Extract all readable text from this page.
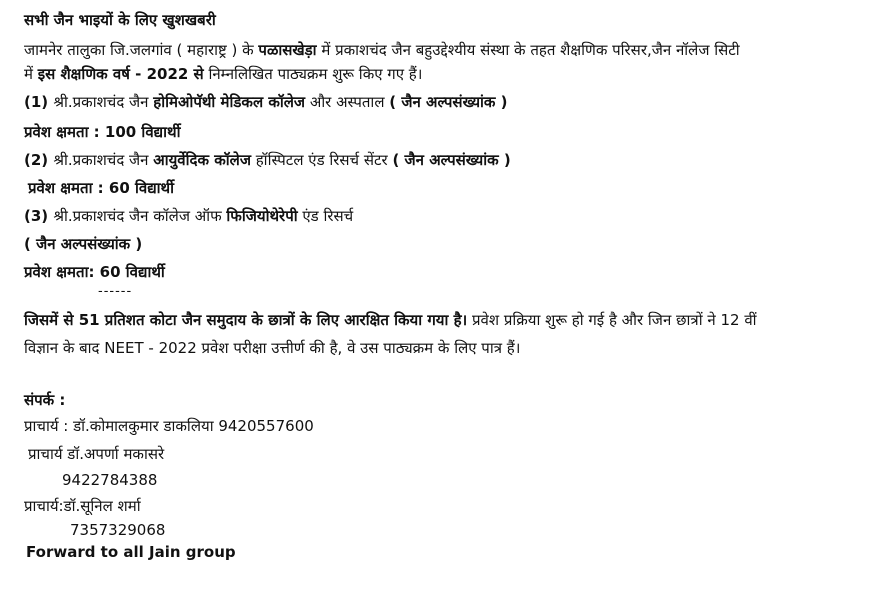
सभी जैन भाइयों के लिए खुशखबरी
जामनेर तालुका जि.जलगांव ( महाराष्ट्र ) के पळासखेड़ा में प्रकाशचंद जैन बहुउद्देश्यीय संस्था के तहत शैक्षणिक परिसर,जैन नॉलेज सिटी
में इस शैक्षणिक वर्ष - 2022 से निम्नलिखित पाठ्यक्रम शुरू किए गए हैं।
(1) श्री.प्रकाशचंद जैन होमिओपॅथी मेडिकल कॉलेज और अस्पताल ( जैन अल्पसंख्यांक )
प्रवेश क्षमता : 100 विद्यार्थी
(2) श्री.प्रकाशचंद जैन आयुर्वेदिक कॉलेज हॉस्पिटल एंड रिसर्च सेंटर ( जैन अल्पसंख्यांक )
प्रवेश क्षमता : 60 विद्यार्थी
(3) श्री.प्रकाशचंद जैन कॉलेज ऑफ फिजियोथेरेपी एंड रिसर्च
( जैन अल्पसंख्यांक )
प्रवेश क्षमता: 60 विद्यार्थी
------
जिसमें से 51 प्रतिशत कोटा जैन समुदाय के छात्रों के लिए आरक्षित किया गया है। प्रवेश प्रक्रिया शुरू हो गई है और जिन छात्रों ने 12 वीं
विज्ञान के बाद NEET - 2022 प्रवेश परीक्षा उत्तीर्ण की है, वे उस पाठ्यक्रम के लिए पात्र हैं।
संपर्क :
प्राचार्य : डॉ.कोमालकुमार डाकलिया 9420557600
प्राचार्य डॉ.अपर्णा मकासरे
9422784388
प्राचार्य:डॉ.सूनिल शर्मा
7357329068
Forward to all Jain group
